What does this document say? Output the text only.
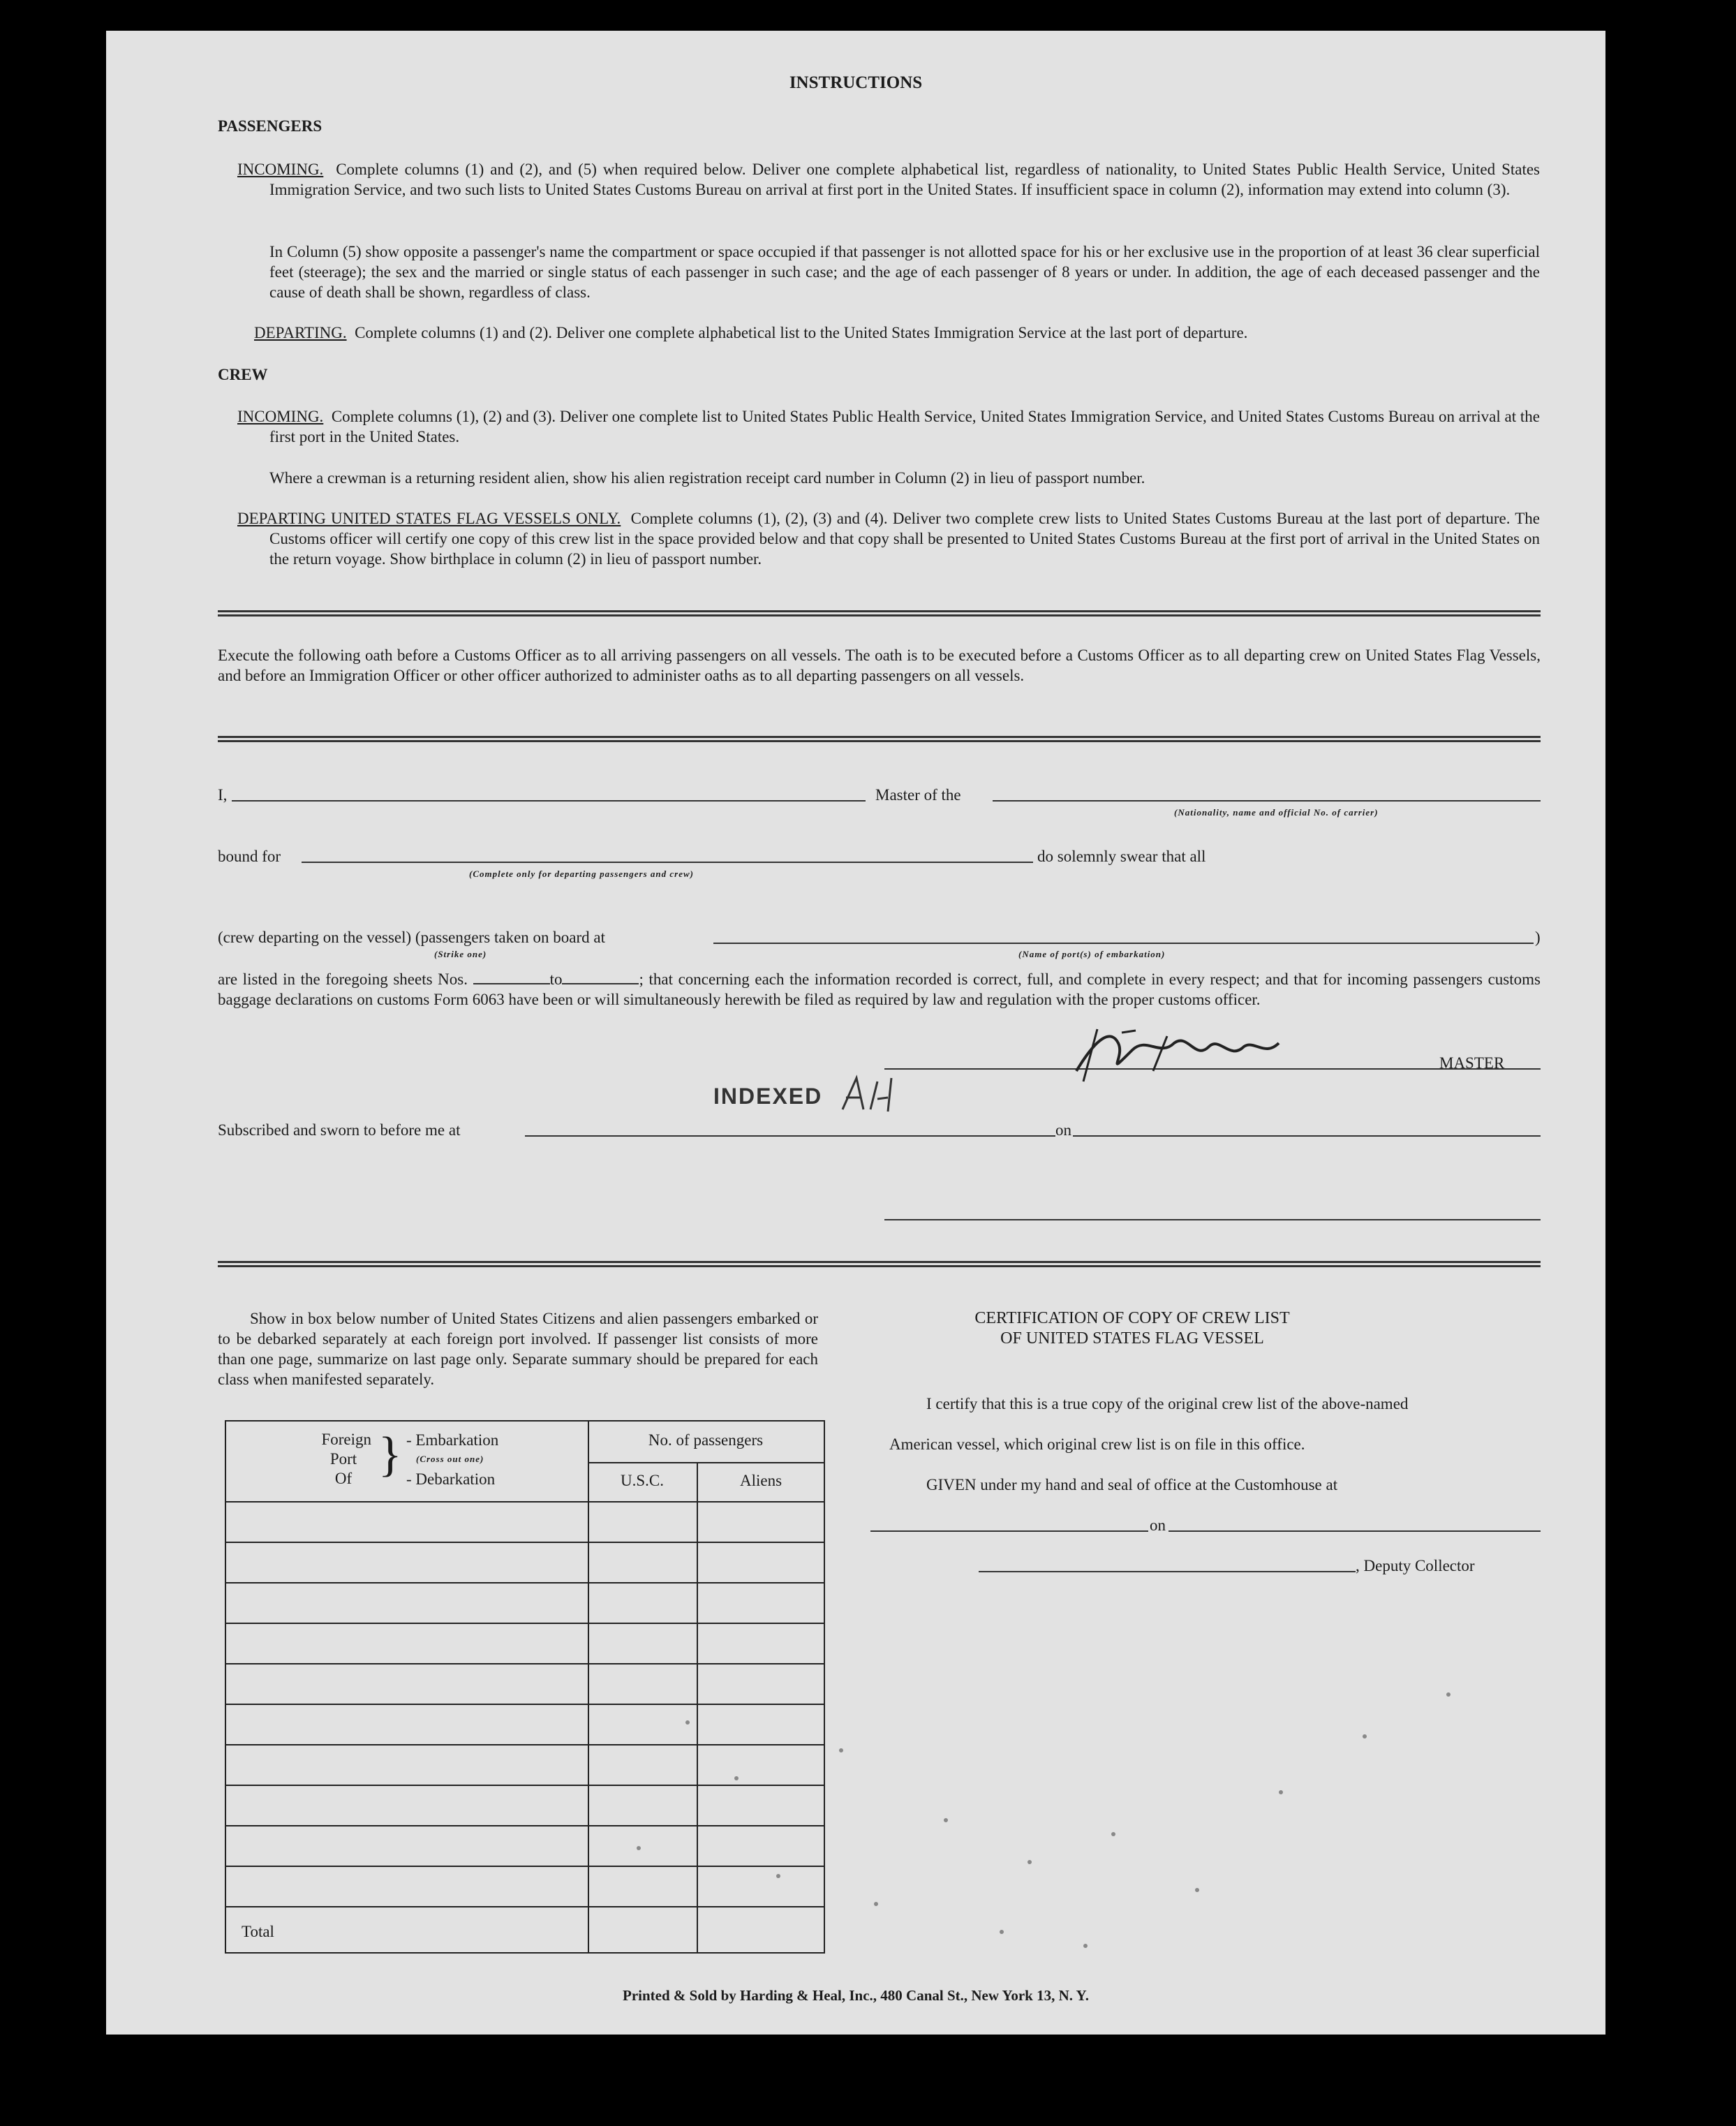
INSTRUCTIONS
PASSENGERS
INCOMING. Complete columns (1) and (2), and (5) when required below. Deliver one complete alphabetical list, regardless of nationality, to United States Public Health Service, United States Immigration Service, and two such lists to United States Customs Bureau on arrival at first port in the United States. If insufficient space in column (2), information may extend into column (3).
In Column (5) show opposite a passenger's name the compartment or space occupied if that passenger is not allotted space for his or her exclusive use in the proportion of at least 36 clear superficial feet (steerage); the sex and the married or single status of each passenger in such case; and the age of each passenger of 8 years or under. In addition, the age of each deceased passenger and the cause of death shall be shown, regardless of class.
DEPARTING. Complete columns (1) and (2). Deliver one complete alphabetical list to the United States Immigration Service at the last port of departure.
CREW
INCOMING. Complete columns (1), (2) and (3). Deliver one complete list to United States Public Health Service, United States Immigration Service, and United States Customs Bureau on arrival at the first port in the United States.
Where a crewman is a returning resident alien, show his alien registration receipt card number in Column (2) in lieu of passport number.
DEPARTING UNITED STATES FLAG VESSELS ONLY. Complete columns (1), (2), (3) and (4). Deliver two complete crew lists to United States Customs Bureau at the last port of departure. The Customs officer will certify one copy of this crew list in the space provided below and that copy shall be presented to United States Customs Bureau at the first port of arrival in the United States on the return voyage. Show birthplace in column (2) in lieu of passport number.
Execute the following oath before a Customs Officer as to all arriving passengers on all vessels. The oath is to be executed before a Customs Officer as to all departing crew on United States Flag Vessels, and before an Immigration Officer or other officer authorized to administer oaths as to all departing passengers on all vessels.
I,	Master of the
(Nationality, name and official No. of carrier)
bound for
(Complete only for departing passengers and crew)
do solemnly swear that all
(crew departing on the vessel) (passengers taken on board at	)
(Strike one)	(Name of port(s) of embarkation)
are listed in the foregoing sheets Nos.	to	; that concerning each the information recorded is correct, full, and complete in every respect; and that for incoming passengers customs baggage declarations on customs Form 6063 have been or will simultaneously herewith be filed as required by law and regulation with the proper customs officer.
MASTER
INDEXED
Subscribed and sworn to before me at	on
Show in box below number of United States Citizens and alien passengers embarked or to be debarked separately at each foreign port involved. If passenger list consists of more than one page, summarize on last page only. Separate summary should be prepared for each class when manifested separately.
Foreign
Port
Of } - Embarkation
(Cross out one)
- Debarkation
No. of passengers
U.S.C.	Aliens
Total
CERTIFICATION OF COPY OF CREW LIST
OF UNITED STATES FLAG VESSEL
I certify that this is a true copy of the original crew list of the above-named
American vessel, which original crew list is on file in this office.
GIVEN under my hand and seal of office at the Customhouse at
on
, Deputy Collector
Printed & Sold by Harding & Heal, Inc., 480 Canal St., New York 13, N. Y.
